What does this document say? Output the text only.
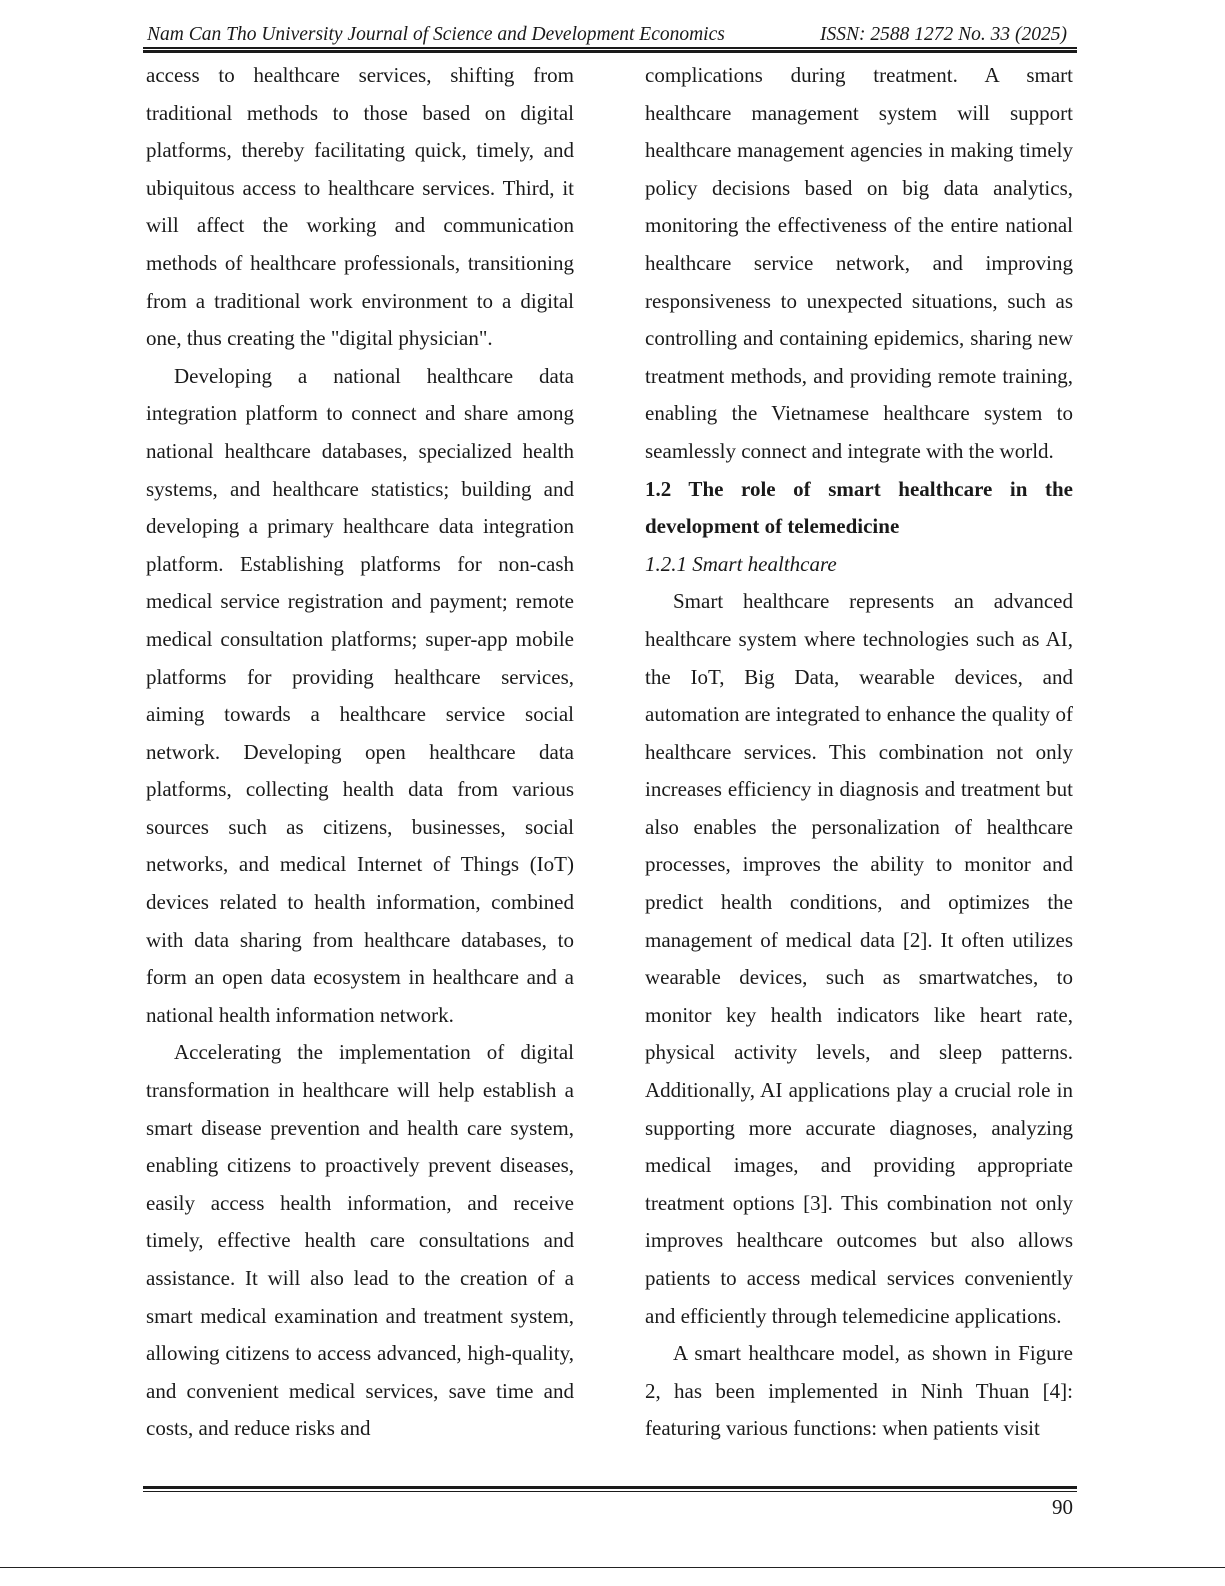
Nam Can Tho University Journal of Science and Development Economics	ISSN: 2588 1272 No. 33 (2025)

access to healthcare services, shifting from traditional methods to those based on digital platforms, thereby facilitating quick, timely, and ubiquitous access to healthcare services. Third, it will affect the working and communication methods of healthcare professionals, transitioning from a traditional work environment to a digital one, thus creating the "digital physician".

Developing a national healthcare data integration platform to connect and share among national healthcare databases, specialized health systems, and healthcare statistics; building and developing a primary healthcare data integration platform. Establishing platforms for non-cash medical service registration and payment; remote medical consultation platforms; super-app mobile platforms for providing healthcare services, aiming towards a healthcare service social network. Developing open healthcare data platforms, collecting health data from various sources such as citizens, businesses, social networks, and medical Internet of Things (IoT) devices related to health information, combined with data sharing from healthcare databases, to form an open data ecosystem in healthcare and a national health information network.

Accelerating the implementation of digital transformation in healthcare will help establish a smart disease prevention and health care system, enabling citizens to proactively prevent diseases, easily access health information, and receive timely, effective health care consultations and assistance. It will also lead to the creation of a smart medical examination and treatment system, allowing citizens to access advanced, high-quality, and convenient medical services, save time and costs, and reduce risks and

complications during treatment. A smart healthcare management system will support healthcare management agencies in making timely policy decisions based on big data analytics, monitoring the effectiveness of the entire national healthcare service network, and improving responsiveness to unexpected situations, such as controlling and containing epidemics, sharing new treatment methods, and providing remote training, enabling the Vietnamese healthcare system to seamlessly connect and integrate with the world.

1.2 The role of smart healthcare in the development of telemedicine

1.2.1 Smart healthcare

Smart healthcare represents an advanced healthcare system where technologies such as AI, the IoT, Big Data, wearable devices, and automation are integrated to enhance the quality of healthcare services. This combination not only increases efficiency in diagnosis and treatment but also enables the personalization of healthcare processes, improves the ability to monitor and predict health conditions, and optimizes the management of medical data [2]. It often utilizes wearable devices, such as smartwatches, to monitor key health indicators like heart rate, physical activity levels, and sleep patterns. Additionally, AI applications play a crucial role in supporting more accurate diagnoses, analyzing medical images, and providing appropriate treatment options [3]. This combination not only improves healthcare outcomes but also allows patients to access medical services conveniently and efficiently through telemedicine applications.

A smart healthcare model, as shown in Figure 2, has been implemented in Ninh Thuan [4]: featuring various functions: when patients visit

90
